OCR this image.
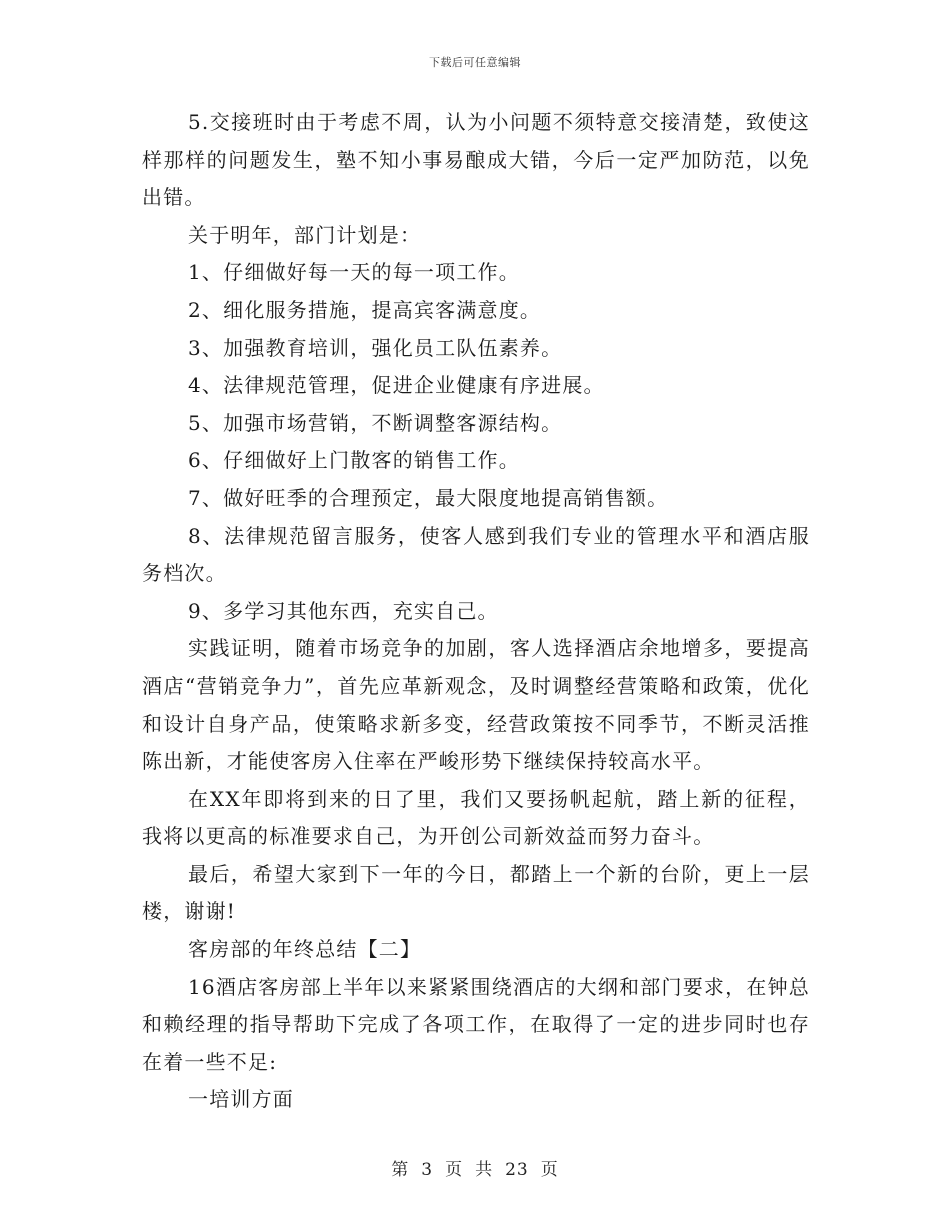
下载后可任意编辑

5.交接班时由于考虑不周，认为小问题不须特意交接清楚，致使这样那样的问题发生，塾不知小事易酿成大错，今后一定严加防范，以免出错。

关于明年，部门计划是：

1、仔细做好每一天的每一项工作。

2、细化服务措施，提高宾客满意度。

3、加强教育培训，强化员工队伍素养。

4、法律规范管理，促进企业健康有序进展。

5、加强市场营销，不断调整客源结构。

6、仔细做好上门散客的销售工作。

7、做好旺季的合理预定，最大限度地提高销售额。

8、法律规范留言服务，使客人感到我们专业的管理水平和酒店服务档次。

9、多学习其他东西，充实自己。

实践证明，随着市场竞争的加剧，客人选择酒店余地增多，要提高酒店“营销竞争力”，首先应革新观念，及时调整经营策略和政策，优化和设计自身产品，使策略求新多变，经营政策按不同季节，不断灵活推陈出新，才能使客房入住率在严峻形势下继续保持较高水平。

在XX年即将到来的日了里，我们又要扬帆起航，踏上新的征程，我将以更高的标准要求自己，为开创公司新效益而努力奋斗。

最后，希望大家到下一年的今日，都踏上一个新的台阶，更上一层楼，谢谢!

客房部的年终总结【二】

16酒店客房部上半年以来紧紧围绕酒店的大纲和部门要求，在钟总和赖经理的指导帮助下完成了各项工作，在取得了一定的进步同时也存在着一些不足:

一培训方面

第 3 页 共 23 页
